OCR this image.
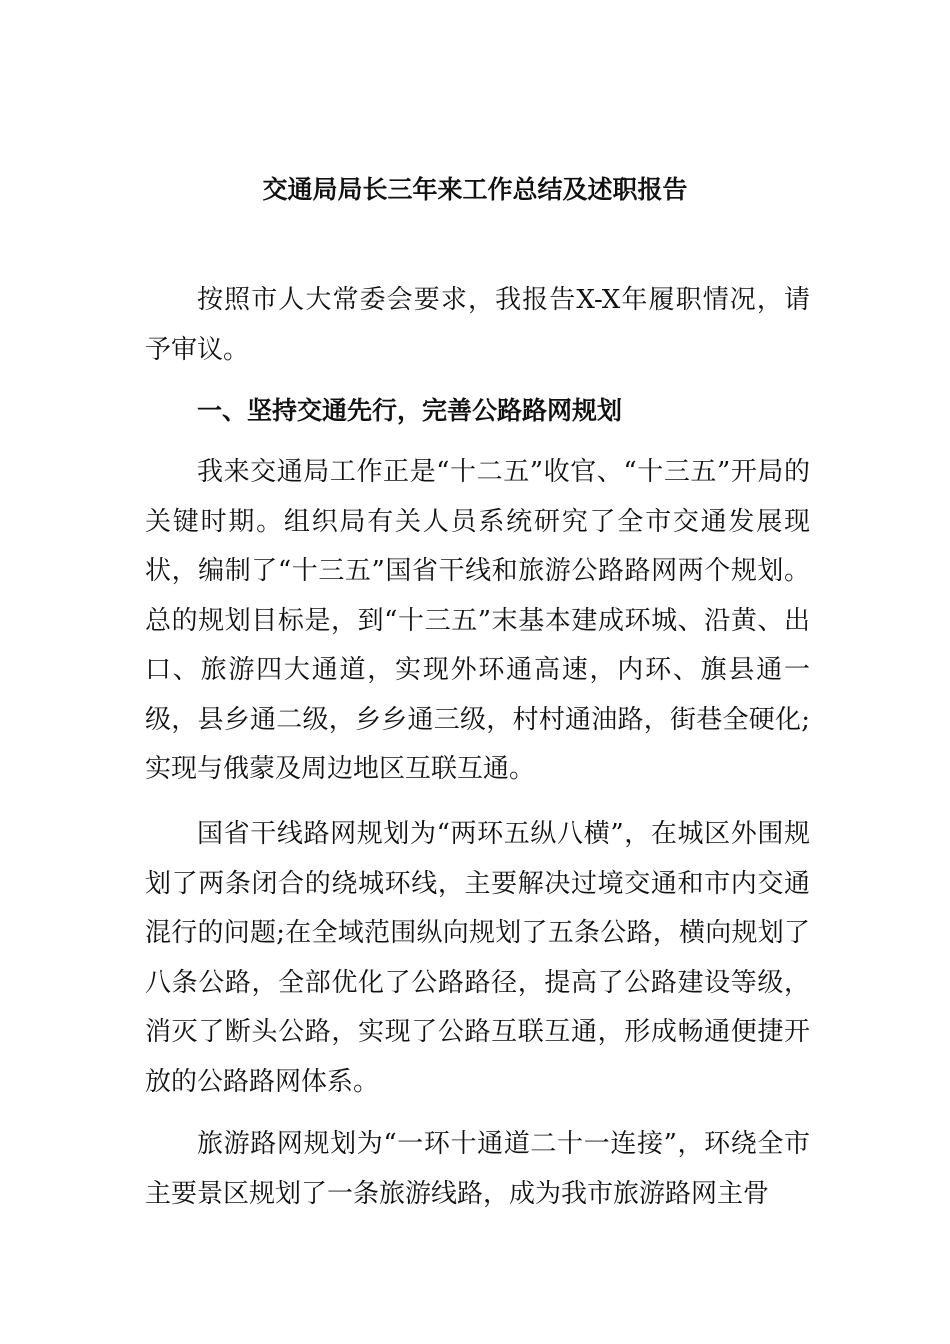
交通局局长三年来工作总结及述职报告

按照市人大常委会要求，我报告X-X年履职情况，请予审议。

一、坚持交通先行，完善公路路网规划

我来交通局工作正是“十二五”收官、“十三五”开局的关键时期。组织局有关人员系统研究了全市交通发展现状，编制了“十三五”国省干线和旅游公路路网两个规划。总的规划目标是，到“十三五”末基本建成环城、沿黄、出口、旅游四大通道，实现外环通高速，内环、旗县通一级，县乡通二级，乡乡通三级，村村通油路，街巷全硬化;实现与俄蒙及周边地区互联互通。

国省干线路网规划为“两环五纵八横”，在城区外围规划了两条闭合的绕城环线，主要解决过境交通和市内交通混行的问题;在全域范围纵向规划了五条公路，横向规划了八条公路，全部优化了公路路径，提高了公路建设等级，消灭了断头公路，实现了公路互联互通，形成畅通便捷开放的公路路网体系。

旅游路网规划为“一环十通道二十一连接”，环绕全市主要景区规划了一条旅游线路，成为我市旅游路网主骨
